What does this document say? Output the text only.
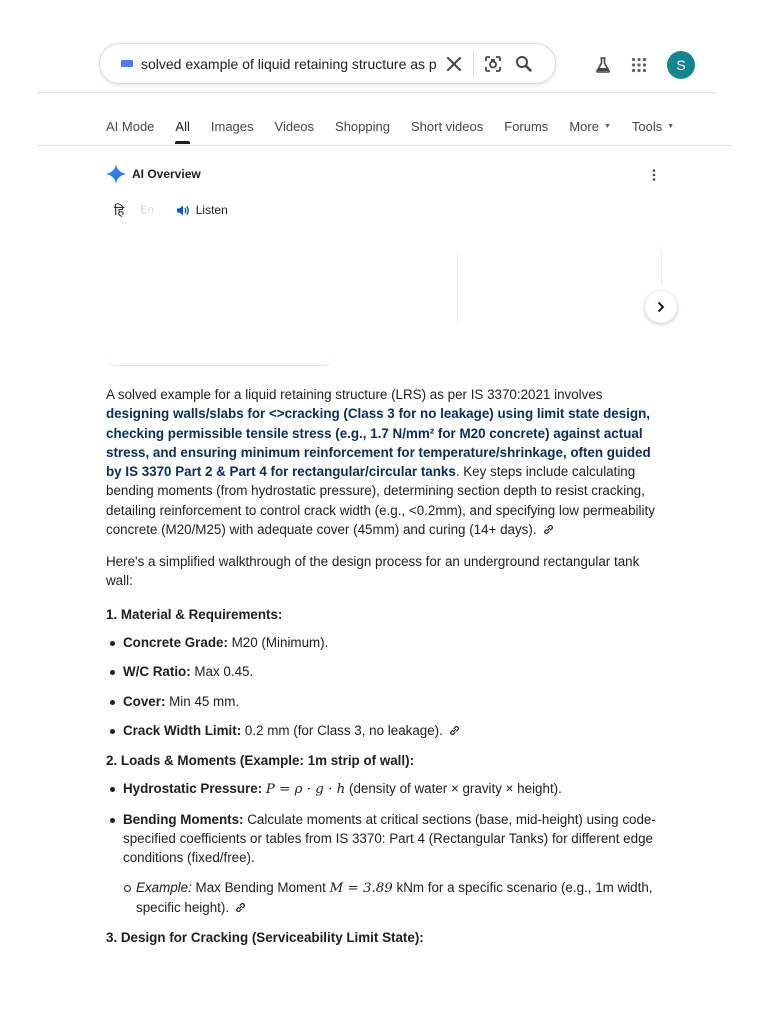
solved example of liquid retaining structure as p	S
AI Mode All Images Videos Shopping Short videos Forums More ▼ Tools ▼
AI Overview
हि En	Listen

A solved example for a liquid retaining structure (LRS) as per IS 3370:2021 involves designing walls/slabs for <>cracking (Class 3 for no leakage) using limit state design, checking permissible tensile stress (e.g., 1.7 N/mm² for M20 concrete) against actual stress, and ensuring minimum reinforcement for temperature/shrinkage, often guided by IS 3370 Part 2 & Part 4 for rectangular/circular tanks. Key steps include calculating bending moments (from hydrostatic pressure), determining section depth to resist cracking, detailing reinforcement to control crack width (e.g., <0.2mm), and specifying low permeability concrete (M20/M25) with adequate cover (45mm) and curing (14+ days).

Here's a simplified walkthrough of the design process for an underground rectangular tank wall:

1. Material & Requirements:

Concrete Grade: M20 (Minimum).
W/C Ratio: Max 0.45.
Cover: Min 45 mm.
Crack Width Limit: 0.2 mm (for Class 3, no leakage).

2. Loads & Moments (Example: 1m strip of wall):

Hydrostatic Pressure: P = ρ · g · h (density of water × gravity × height).
Bending Moments: Calculate moments at critical sections (base, mid-height) using code-specified coefficients or tables from IS 3370: Part 4 (Rectangular Tanks) for different edge conditions (fixed/free).
Example: Max Bending Moment M = 3.89 kNm for a specific scenario (e.g., 1m width, specific height).

3. Design for Cracking (Serviceability Limit State):
